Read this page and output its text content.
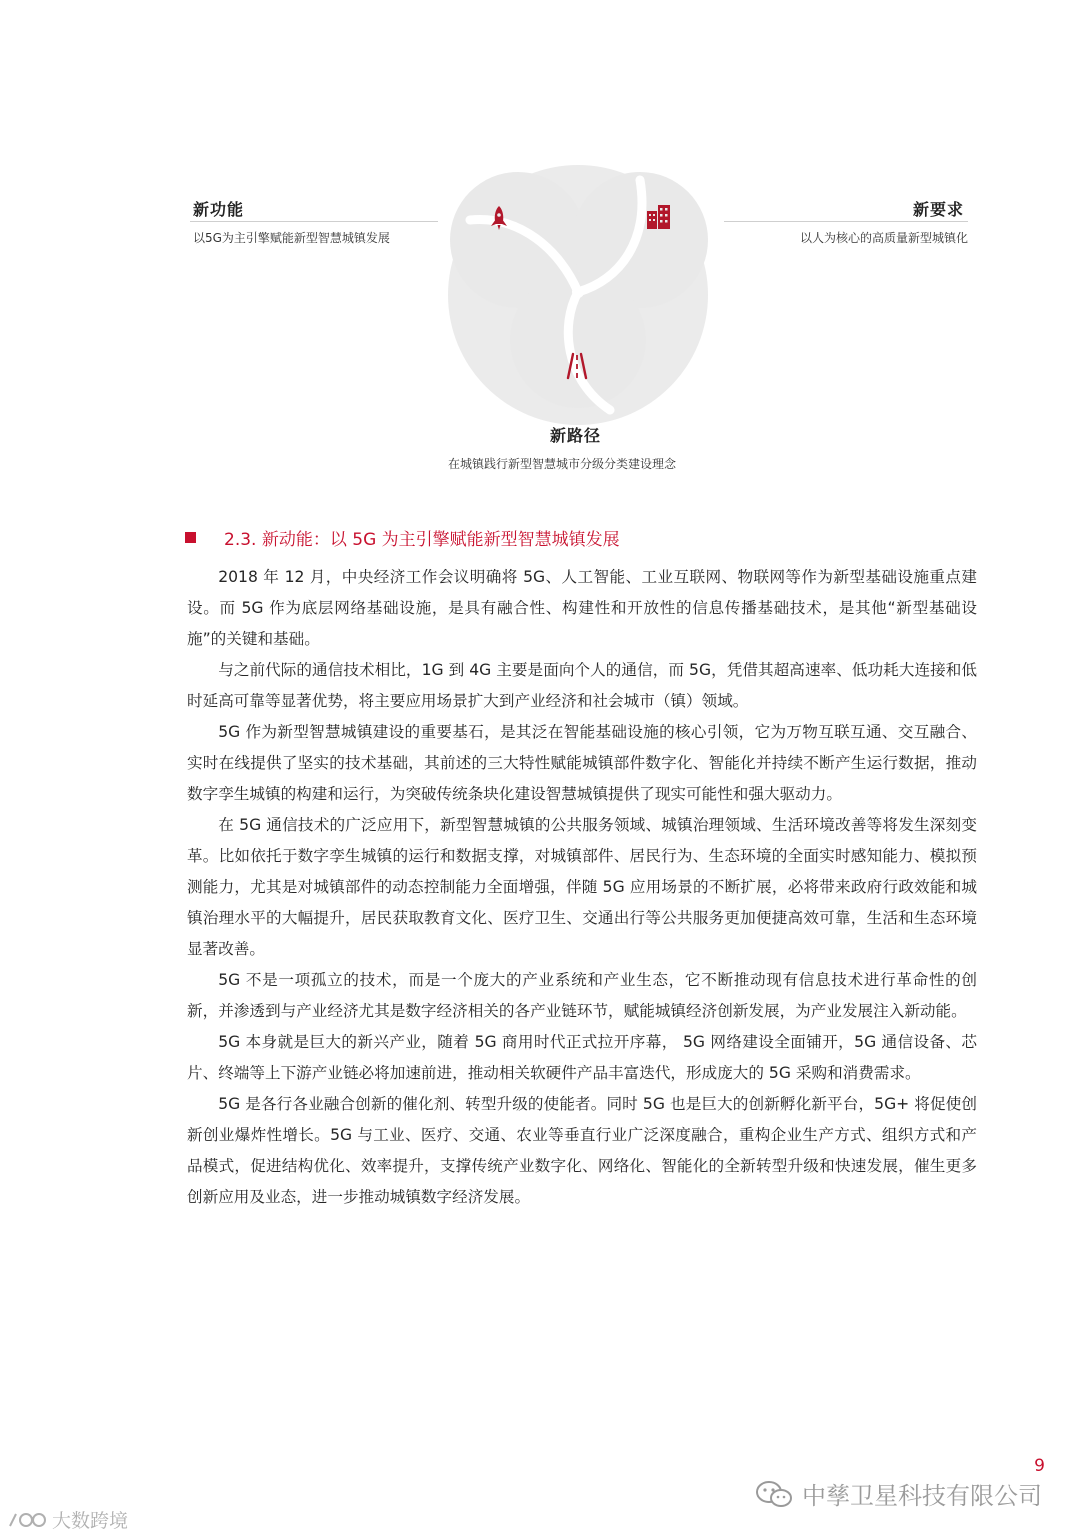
新功能
以5G为主引擎赋能新型智慧城镇发展
新要求
以人为核心的高质量新型城镇化
新路径
在城镇践行新型智慧城市分级分类建设理念
2.3. 新动能：以 5G 为主引擎赋能新型智慧城镇发展

2018 年 12 月，中央经济工作会议明确将 5G、人工智能、工业互联网、物联网等作为新型基础设施重点建设。而 5G 作为底层网络基础设施，是具有融合性、构建性和开放性的信息传播基础技术，是其他“新型基础设施”的关键和基础。

与之前代际的通信技术相比，1G 到 4G 主要是面向个人的通信，而 5G，凭借其超高速率、低功耗大连接和低时延高可靠等显著优势，将主要应用场景扩大到产业经济和社会城市（镇）领域。

5G 作为新型智慧城镇建设的重要基石，是其泛在智能基础设施的核心引领，它为万物互联互通、交互融合、实时在线提供了坚实的技术基础，其前述的三大特性赋能城镇部件数字化、智能化并持续不断产生运行数据，推动数字孪生城镇的构建和运行，为突破传统条块化建设智慧城镇提供了现实可能性和强大驱动力。

在 5G 通信技术的广泛应用下，新型智慧城镇的公共服务领域、城镇治理领域、生活环境改善等将发生深刻变革。比如依托于数字孪生城镇的运行和数据支撑，对城镇部件、居民行为、生态环境的全面实时感知能力、模拟预测能力，尤其是对城镇部件的动态控制能力全面增强，伴随 5G 应用场景的不断扩展，必将带来政府行政效能和城镇治理水平的大幅提升，居民获取教育文化、医疗卫生、交通出行等公共服务更加便捷高效可靠，生活和生态环境显著改善。

5G 不是一项孤立的技术，而是一个庞大的产业系统和产业生态，它不断推动现有信息技术进行革命性的创新，并渗透到与产业经济尤其是数字经济相关的各产业链环节，赋能城镇经济创新发展，为产业发展注入新动能。

5G 本身就是巨大的新兴产业，随着 5G 商用时代正式拉开序幕， 5G 网络建设全面铺开，5G 通信设备、芯片、终端等上下游产业链必将加速前进，推动相关软硬件产品丰富迭代，形成庞大的 5G 采购和消费需求。

5G 是各行各业融合创新的催化剂、转型升级的使能者。同时 5G 也是巨大的创新孵化新平台，5G+ 将促使创新创业爆炸性增长。5G 与工业、医疗、交通、农业等垂直行业广泛深度融合，重构企业生产方式、组织方式和产品模式，促进结构优化、效率提升，支撑传统产业数字化、网络化、智能化的全新转型升级和快速发展，催生更多创新应用及业态，进一步推动城镇数字经济发展。

9
中孳卫星科技有限公司
大数跨境
